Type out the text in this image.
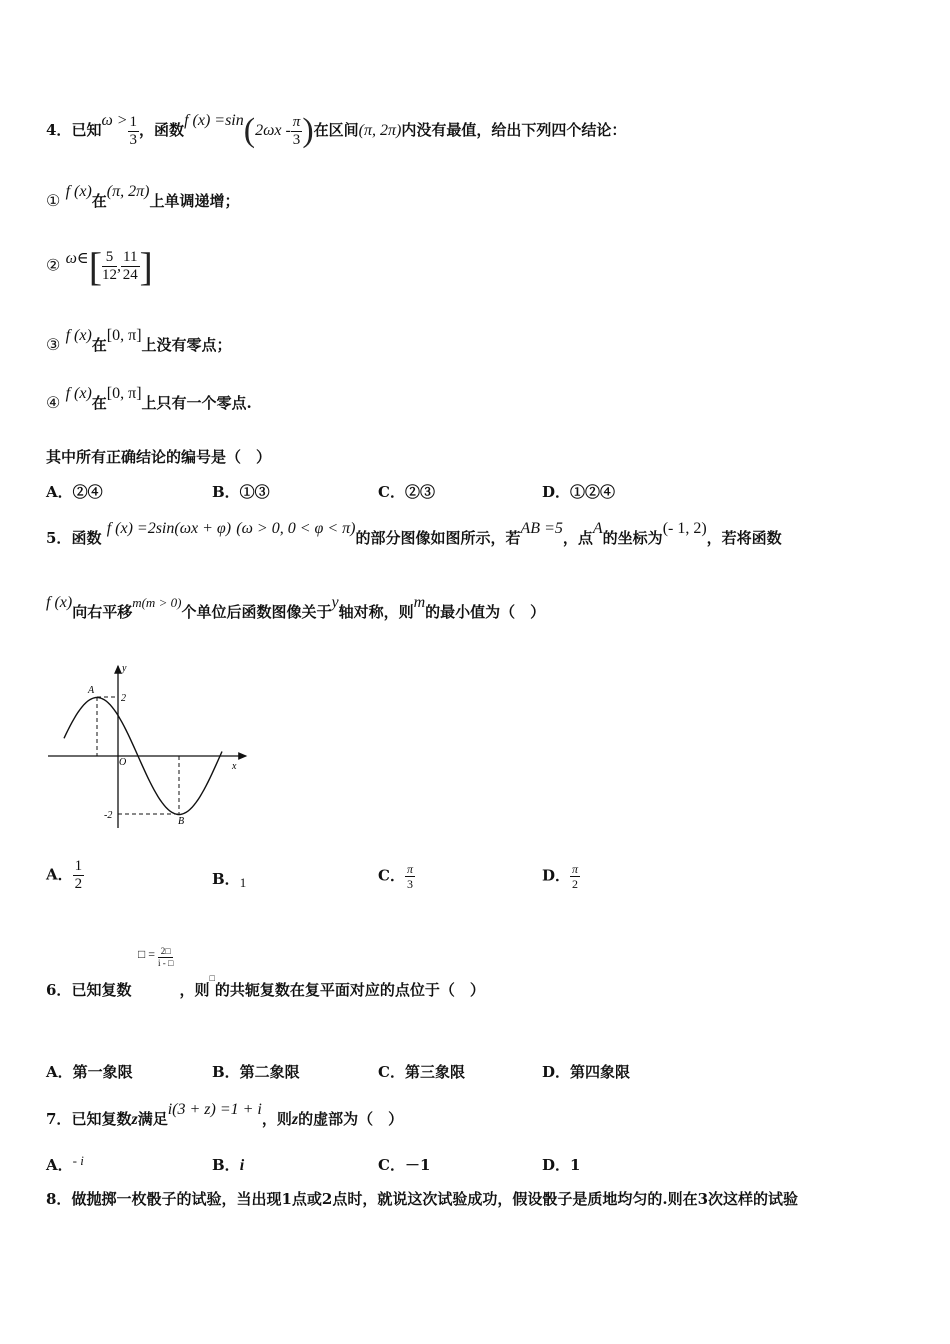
4．已知$\omega > \frac{1}{3}$ ，函数f $(x) =\sin(2\omega x - \frac{\pi}{3}$ )在区间(π, 2π)内没有最值，给出下列四个结论：
① f (x)在(π, 2π)上单调递增；
② ω∈[ $\frac{5}{12}$ , $\frac{11}{24}$ ]
③ f (x)在[0, π]上没有零点；
④ f (x)在[0, π]上只有一个零点.
其中所有正确结论的编号是（　）
A．②④	B．①③	C．②③	D．①②④
5．函数 f (x) =2sin(ωx + φ) (ω > 0, 0 < φ < π)的部分图像如图所示，若AB =5，点A的坐标为(- 1, 2)，若将函数
f (x)向右平移m(m > 0)个单位后函数图像关于y轴对称，则m的最小值为（　）
y
x
O
A
B
2
-2
A． $\frac{1}{2}$	B．1	C． $\frac{\pi}{3}$	D． $\frac{\pi}{2}$
□ = $\frac{2□}{i - □}$
6．已知复数	，则□的共轭复数在复平面对应的点位于（　）
A．第一象限	B．第二象限	C．第三象限	D．第四象限
7．已知复数z满足i(3 + z) =1 + i，则z的虚部为（　）
A．- i	B．i	C．－1	D．1
8．做抛掷一枚骰子的试验，当出现1点或2点时，就说这次试验成功，假设骰子是质地均匀的.则在3次这样的试验
